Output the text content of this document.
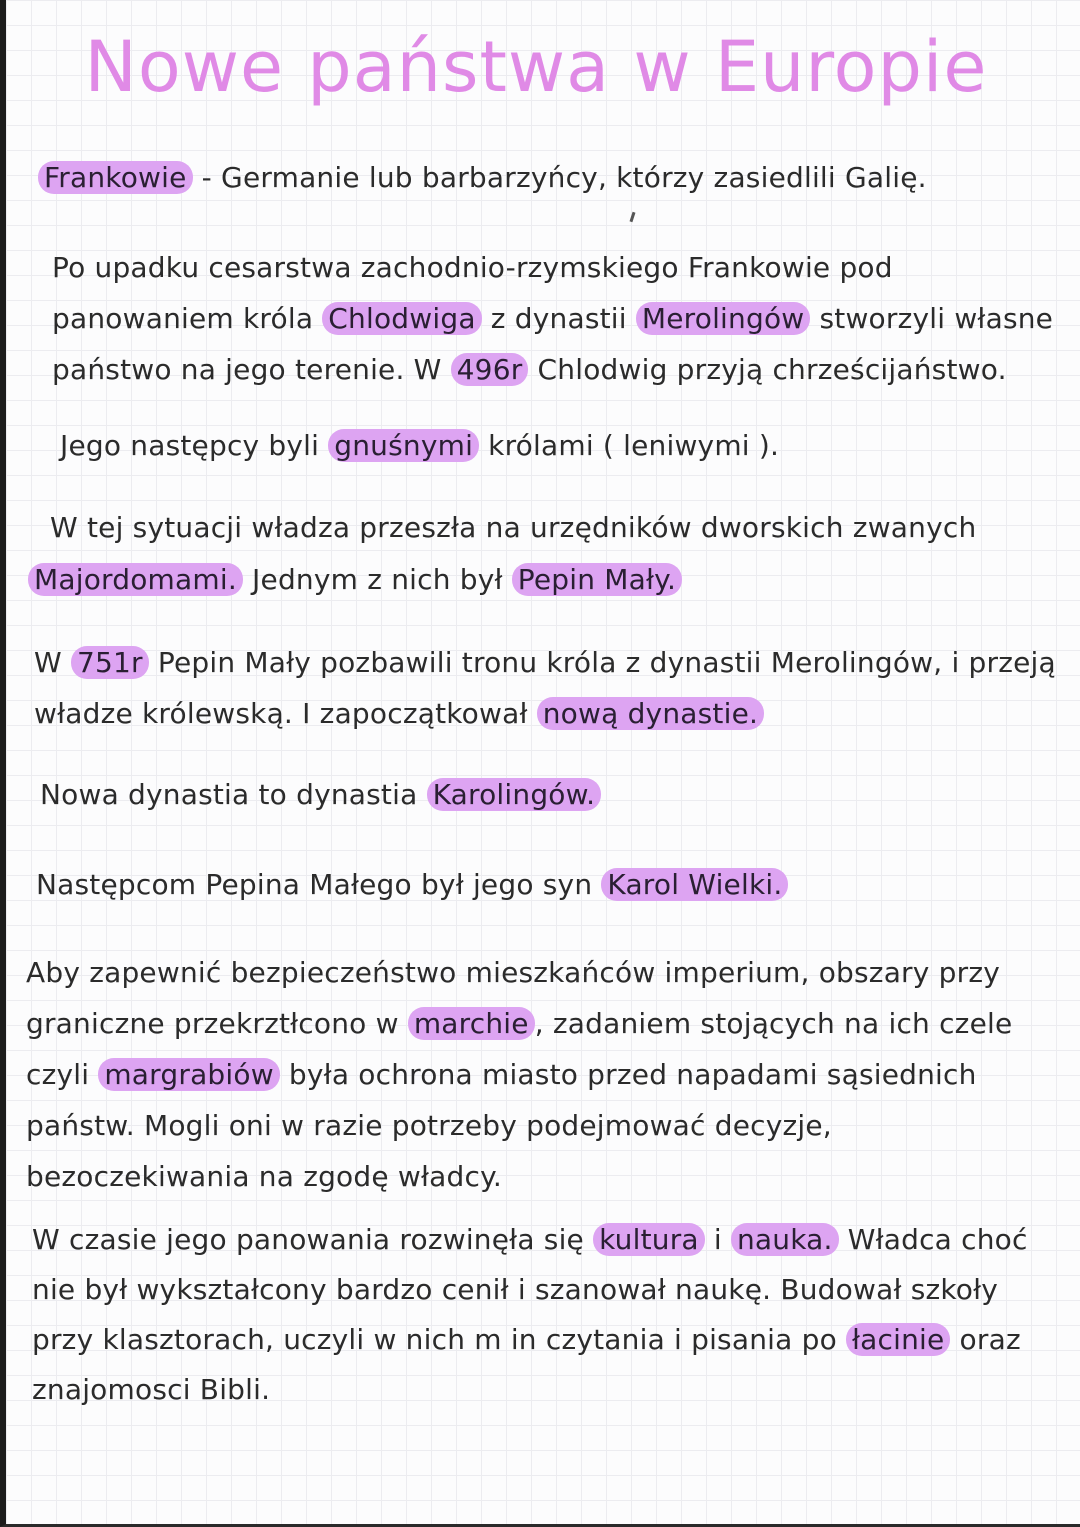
Nowe państwa w Europie
Frankowie - Germanie lub barbarzyńcy, którzy zasiedlili Galię.
Po upadku cesarstwa zachodnio-rzymskiego Frankowie pod
panowaniem króla Chlodwiga z dynastii Merolingów stworzyli własne
państwo na jego terenie. W 496r Chlodwig przyją chrześcijaństwo.
Jego następcy byli gnuśnymi królami ( leniwymi ).
W tej sytuacji władza przeszła na urzędników dworskich zwanych
Majordomami. Jednym z nich był Pepin Mały.
W 751r Pepin Mały pozbawili tronu króla z dynastii Merolingów, i przeją
władze królewską. I zapoczątkował nową dynastie.
Nowa dynastia to dynastia Karolingów.
Następcom Pepina Małego był jego syn Karol Wielki.
Aby zapewnić bezpieczeństwo mieszkańców imperium, obszary przy
graniczne przekrztłcono w marchie , zadaniem stojących na ich czele
czyli margrabiów była ochrona miasto przed napadami sąsiednich
państw. Mogli oni w razie potrzeby podejmować decyzje,
bezoczekiwania na zgodę władcy.
W czasie jego panowania rozwinęła się kultura i nauka. Władca choć
nie był wykształcony bardzo cenił i szanował naukę. Budował szkoły
przy klasztorach, uczyli w nich m in czytania i pisania po łacinie oraz
znajomosci Bibli.
